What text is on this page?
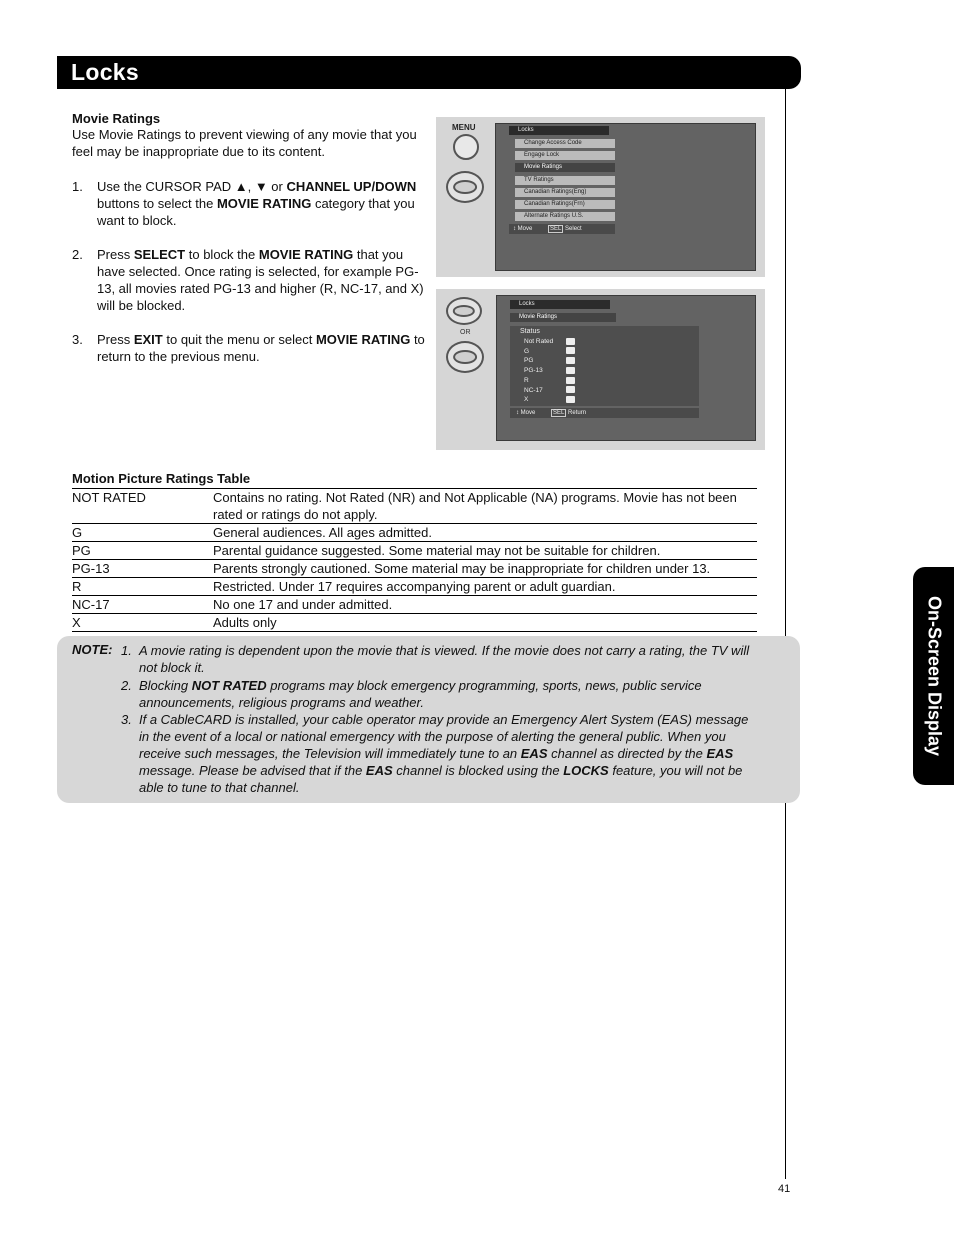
Locks
On-Screen Display
Movie Ratings
Use Movie Ratings to prevent viewing of any movie that you feel may be inappropriate due to its content.
1. Use the CURSOR PAD ▲, ▼ or CHANNEL UP/DOWN buttons to select the MOVIE RATING category that you want to block.
2. Press SELECT to block the MOVIE RATING that you have selected. Once rating is selected, for example PG-13, all movies rated PG-13 and higher (R, NC-17, and X) will be blocked.
3. Press EXIT to quit the menu or select MOVIE RATING to return to the previous menu.
MENU	Locks
Change Access Code
Engage Lock
Movie Ratings
TV Ratings
Canadian Ratings(Eng)
Canadian Ratings(Frn)
Alternate Ratings U.S.
↕ Move	SEL Select
OR
Locks
Movie Ratings
Status
Not Rated
G
PG
PG-13
R
NC-17
X
↕ Move	SEL Return
Motion Picture Ratings Table
NOT RATED	Contains no rating. Not Rated (NR) and Not Applicable (NA) programs. Movie has not been rated or ratings do not apply.
G	General audiences. All ages admitted.
PG	Parental guidance suggested. Some material may not be suitable for children.
PG-13	Parents strongly cautioned. Some material may be inappropriate for children under 13.
R	Restricted. Under 17 requires accompanying parent or adult guardian.
NC-17	No one 17 and under admitted.
X	Adults only
NOTE: 1. A movie rating is dependent upon the movie that is viewed. If the movie does not carry a rating, the TV will not block it.
2. Blocking NOT RATED programs may block emergency programming, sports, news, public service announcements, religious programs and weather.
3. If a CableCARD is installed, your cable operator may provide an Emergency Alert System (EAS) message in the event of a local or national emergency with the purpose of alerting the general public. When you receive such messages, the Television will immediately tune to an EAS channel as directed by the EAS message. Please be advised that if the EAS channel is blocked using the LOCKS feature, you will not be able to tune to that channel.
41
